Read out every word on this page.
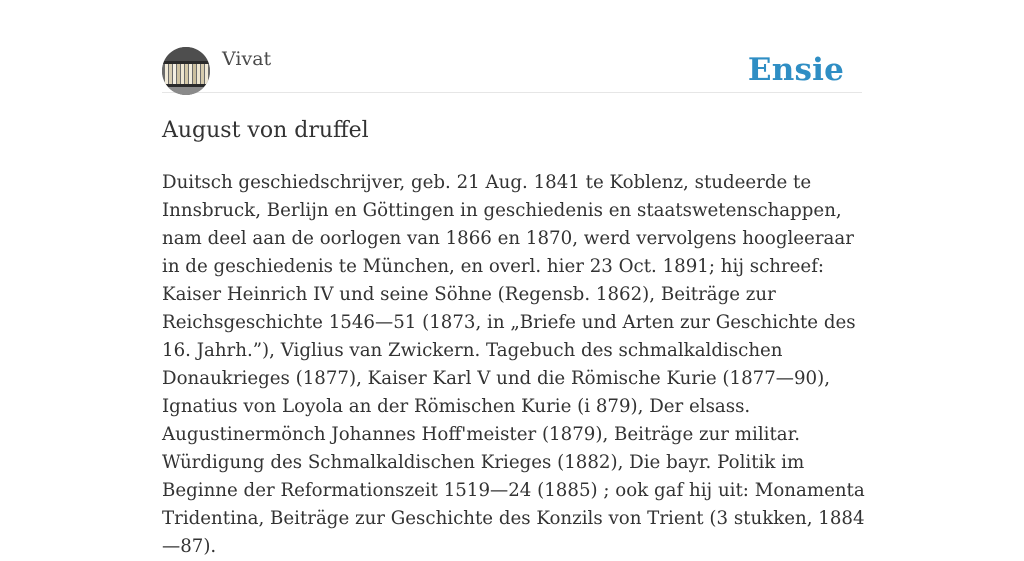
Vivat	Ensie
August von druffel

Duitsch geschiedschrijver, geb. 21 Aug. 1841 te Koblenz, studeerde te Innsbruck, Berlijn en Göttingen in geschiedenis en staatswetenschappen, nam deel aan de oorlogen van 1866 en 1870, werd vervolgens hoogleeraar in de geschiedenis te München, en overl. hier 23 Oct. 1891; hij schreef: Kaiser Heinrich IV und seine Söhne (Regensb. 1862), Beiträge zur Reichsgeschichte 1546—51 (1873, in „Briefe und Arten zur Geschichte des 16. Jahrh.”), Viglius van Zwickern. Tagebuch des schmalkaldischen Donaukrieges (1877), Kaiser Karl V und die Römische Kurie (1877—90), Ignatius von Loyola an der Römischen Kurie (i 879), Der elsass. Augustinermönch Johannes Hoff'meister (1879), Beiträge zur militar. Würdigung des Schmalkaldischen Krieges (1882), Die bayr. Politik im Beginne der Reformationszeit 1519—24 (1885) ; ook gaf hij uit: Monamenta Tridentina, Beiträge zur Geschichte des Konzils von Trient (3 stukken, 1884—87).
